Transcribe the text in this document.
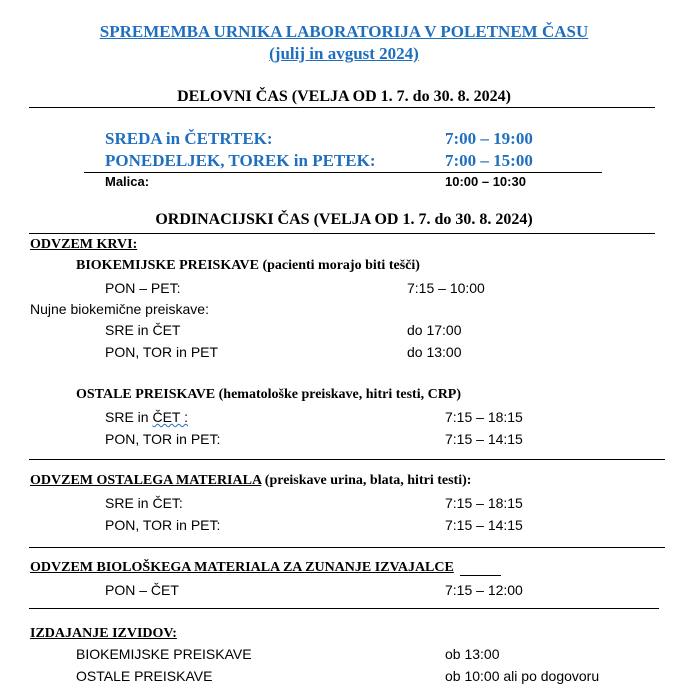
SPREMEMBA URNIKA LABORATORIJA V POLETNEM ČASU
(julij in avgust 2024)
DELOVNI ČAS (VELJA OD 1. 7. do 30. 8. 2024)
SREDA in ČETRTEK:	7:00 – 19:00
PONEDELJEK, TOREK in PETEK:	7:00 – 15:00
Malica:	10:00 – 10:30
ORDINACIJSKI ČAS (VELJA OD 1. 7. do 30. 8. 2024)
ODVZEM KRVI:
BIOKEMIJSKE PREISKAVE (pacienti morajo biti tešči)
PON – PET:	7:15 – 10:00
Nujne biokemične preiskave:
SRE in ČET	do 17:00
PON, TOR in PET	do 13:00
OSTALE PREISKAVE (hematološke preiskave, hitri testi, CRP)
SRE in ČET :	7:15 – 18:15
PON, TOR in PET:	7:15 – 14:15
ODVZEM OSTALEGA MATERIALA (preiskave urina, blata, hitri testi):
SRE in ČET:	7:15 – 18:15
PON, TOR in PET:	7:15 – 14:15
ODVZEM BIOLOŠKEGA MATERIALA ZA ZUNANJE IZVAJALCE
PON – ČET	7:15 – 12:00
IZDAJANJE IZVIDOV:
BIOKEMIJSKE PREISKAVE	ob 13:00
OSTALE PREISKAVE	ob 10:00 ali po dogovoru
